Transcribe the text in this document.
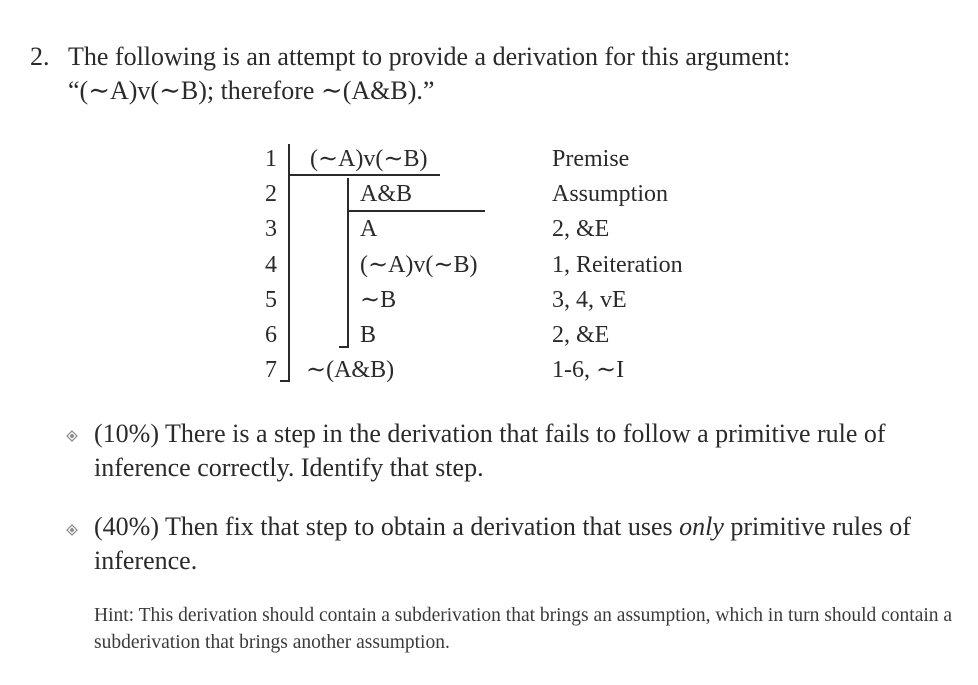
2. The following is an attempt to provide a derivation for this argument:
“(∼A)v(∼B); therefore ∼(A&B).”
1 (∼A)v(∼B)	Premise
2	A&B	Assumption
3	A	2, &E
4	(∼A)v(∼B)	1, Reiteration
5	∼B	3, 4, vE
6	B	2, &E
7 ∼(A&B)	1-6, ∼I
(10%) There is a step in the derivation that fails to follow a primitive rule of inference correctly. Identify that step.
(40%) Then fix that step to obtain a derivation that uses only primitive rules of inference.
Hint: This derivation should contain a subderivation that brings an assumption, which in turn should contain a subderivation that brings another assumption.
